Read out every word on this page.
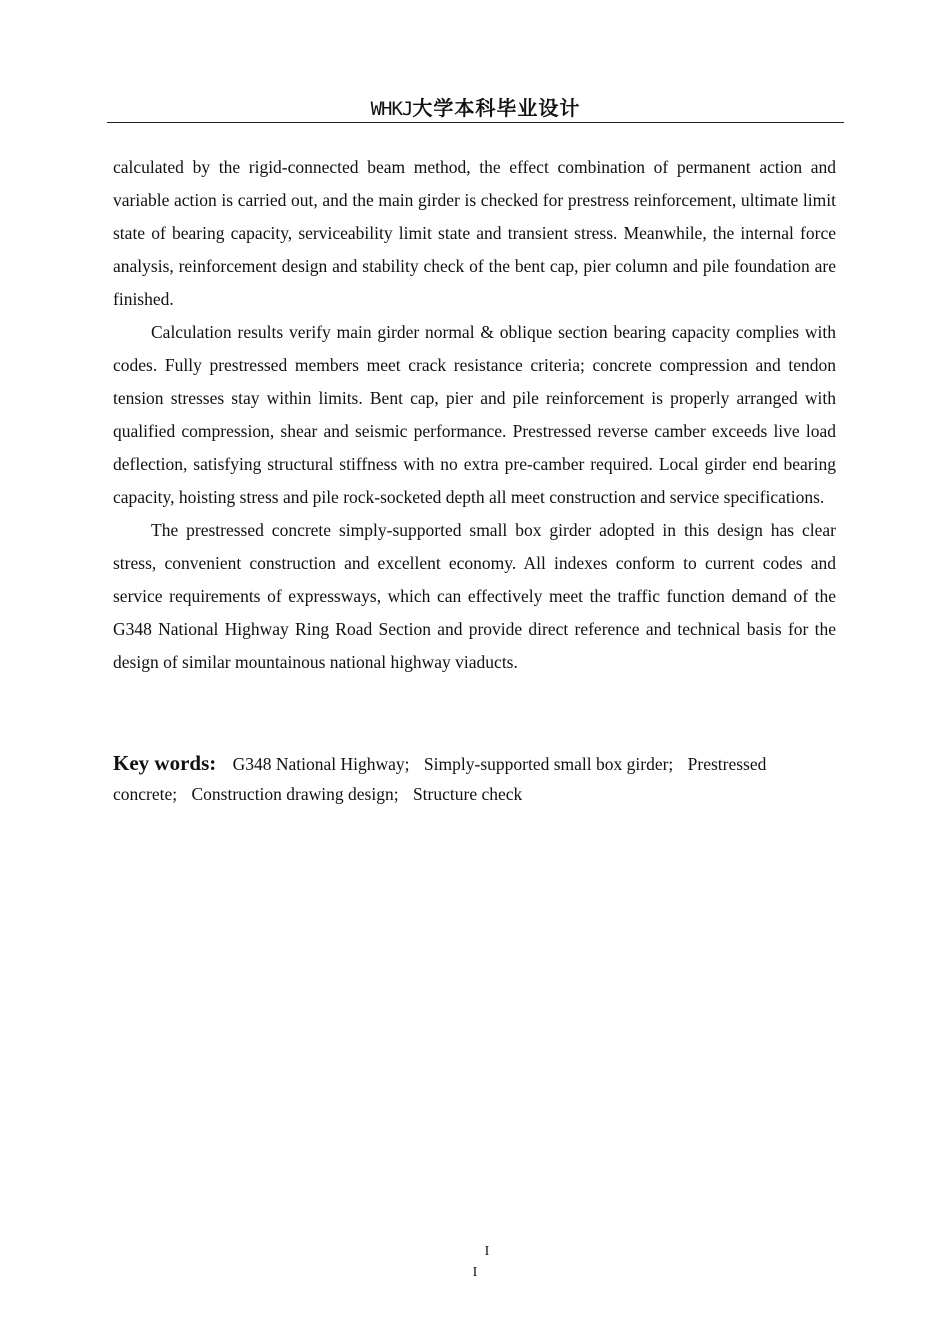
WHKJ大学本科毕业设计

calculated by the rigid-connected beam method, the effect combination of permanent action and variable action is carried out, and the main girder is checked for prestress reinforcement, ultimate limit state of bearing capacity, serviceability limit state and transient stress. Meanwhile, the internal force analysis, reinforcement design and stability check of the bent cap, pier column and pile foundation are finished.

Calculation results verify main girder normal & oblique section bearing capacity complies with codes. Fully prestressed members meet crack resistance criteria; concrete compression and tendon tension stresses stay within limits. Bent cap, pier and pile reinforcement is properly arranged with qualified compression, shear and seismic performance. Prestressed reverse camber exceeds live load deflection, satisfying structural stiffness with no extra pre-camber required. Local girder end bearing capacity, hoisting stress and pile rock-socketed depth all meet construction and service specifications.

The prestressed concrete simply-supported small box girder adopted in this design has clear stress, convenient construction and excellent economy. All indexes conform to current codes and service requirements of expressways, which can effectively meet the traffic function demand of the G348 National Highway Ring Road Section and provide direct reference and technical basis for the design of similar mountainous national highway viaducts.

Key words: G348 National Highway; Simply-supported small box girder; Prestressed concrete; Construction drawing design; Structure check
I
I
